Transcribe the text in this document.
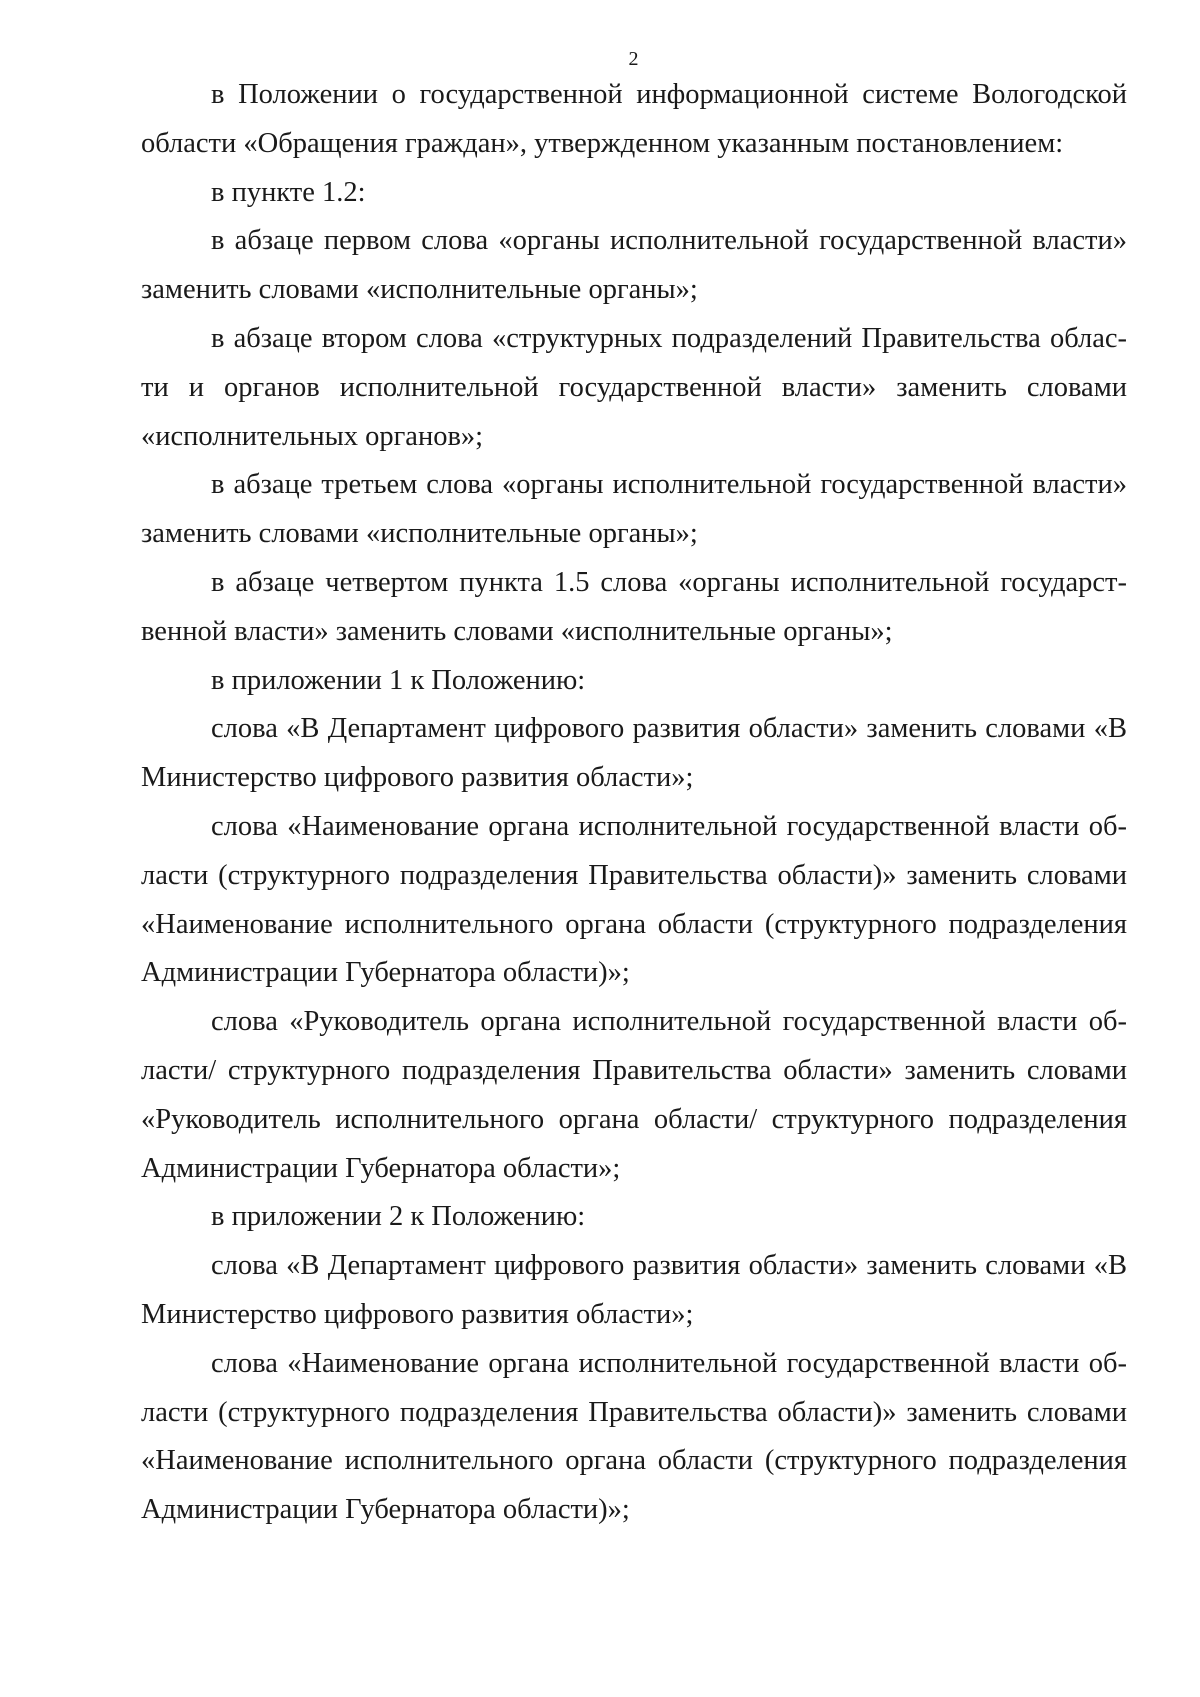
2

в Положении о государственной информационной системе Вологодской области «Обращения граждан», утвержденном указанным постановлением:

в пункте 1.2:

в абзаце первом слова «органы исполнительной государственной власти» заменить словами «исполнительные органы»;

в абзаце втором слова «структурных подразделений Правительства облас-ти и органов исполнительной государственной власти» заменить словами «исполнительных органов»;

в абзаце третьем слова «органы исполнительной государственной власти» заменить словами «исполнительные органы»;

в абзаце четвертом пункта 1.5 слова «органы исполнительной государст-венной власти» заменить словами «исполнительные органы»;

в приложении 1 к Положению:

слова «В Департамент цифрового развития области» заменить словами «В Министерство цифрового развития области»;

слова «Наименование органа исполнительной государственной власти об-ласти (структурного подразделения Правительства области)» заменить словами «Наименование исполнительного органа области (структурного подразделения Администрации Губернатора области)»;

слова «Руководитель органа исполнительной государственной власти об-ласти/ структурного подразделения Правительства области» заменить словами «Руководитель исполнительного органа области/ структурного подразделения Администрации Губернатора области»;

в приложении 2 к Положению:

слова «В Департамент цифрового развития области» заменить словами «В Министерство цифрового развития области»;

слова «Наименование органа исполнительной государственной власти об-ласти (структурного подразделения Правительства области)» заменить словами «Наименование исполнительного органа области (структурного подразделения Администрации Губернатора области)»;
